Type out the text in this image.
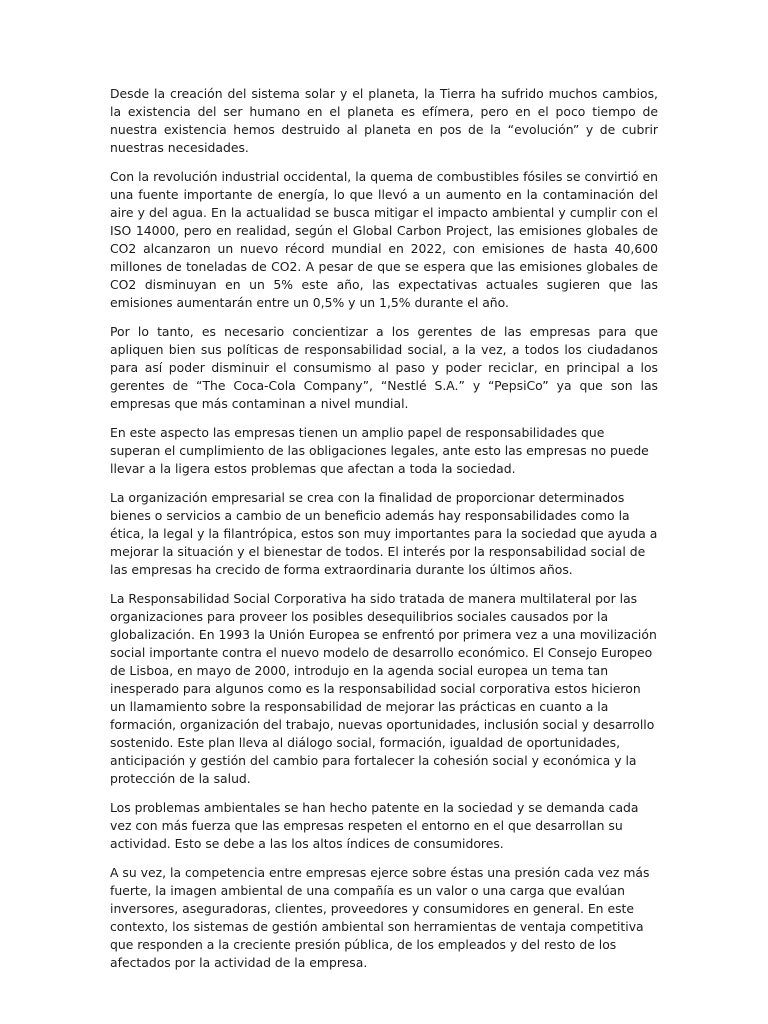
Desde la creación del sistema solar y el planeta, la Tierra ha sufrido muchos cambios, la existencia del ser humano en el planeta es efímera, pero en el poco tiempo de nuestra existencia hemos destruido al planeta en pos de la “evolución” y de cubrir nuestras necesidades.

Con la revolución industrial occidental, la quema de combustibles fósiles se convirtió en una fuente importante de energía, lo que llevó a un aumento en la contaminación del aire y del agua. En la actualidad se busca mitigar el impacto ambiental y cumplir con el ISO 14000, pero en realidad, según el Global Carbon Project, las emisiones globales de CO2 alcanzaron un nuevo récord mundial en 2022, con emisiones de hasta 40,600 millones de toneladas de CO2. A pesar de que se espera que las emisiones globales de CO2 disminuyan en un 5% este año, las expectativas actuales sugieren que las emisiones aumentarán entre un 0,5% y un 1,5% durante el año.

Por lo tanto, es necesario concientizar a los gerentes de las empresas para que apliquen bien sus políticas de responsabilidad social, a la vez, a todos los ciudadanos para así poder disminuir el consumismo al paso y poder reciclar, en principal a los gerentes de “The Coca-Cola Company”, “Nestlé S.A.” y “PepsiCo” ya que son las empresas que más contaminan a nivel mundial.

En este aspecto las empresas tienen un amplio papel de responsabilidades que superan el cumplimiento de las obligaciones legales, ante esto las empresas no puede llevar a la ligera estos problemas que afectan a toda la sociedad.

La organización empresarial se crea con la finalidad de proporcionar determinados bienes o servicios a cambio de un beneficio además hay responsabilidades como la ética, la legal y la filantrópica, estos son muy importantes para la sociedad que ayuda a mejorar la situación y el bienestar de todos. El interés por la responsabilidad social de las empresas ha crecido de forma extraordinaria durante los últimos años.

La Responsabilidad Social Corporativa ha sido tratada de manera multilateral por las organizaciones para proveer los posibles desequilibrios sociales causados por la globalización. En 1993 la Unión Europea se enfrentó por primera vez a una movilización social importante contra el nuevo modelo de desarrollo económico. El Consejo Europeo de Lisboa, en mayo de 2000, introdujo en la agenda social europea un tema tan inesperado para algunos como es la responsabilidad social corporativa estos hicieron un llamamiento sobre la responsabilidad de mejorar las prácticas en cuanto a la formación, organización del trabajo, nuevas oportunidades, inclusión social y desarrollo sostenido. Este plan lleva al diálogo social, formación, igualdad de oportunidades, anticipación y gestión del cambio para fortalecer la cohesión social y económica y la protección de la salud.

Los problemas ambientales se han hecho patente en la sociedad y se demanda cada vez con más fuerza que las empresas respeten el entorno en el que desarrollan su actividad. Esto se debe a las los altos índices de consumidores.

A su vez, la competencia entre empresas ejerce sobre éstas una presión cada vez más fuerte, la imagen ambiental de una compañía es un valor o una carga que evalúan inversores, aseguradoras, clientes, proveedores y consumidores en general. En este contexto, los sistemas de gestión ambiental son herramientas de ventaja competitiva que responden a la creciente presión pública, de los empleados y del resto de los afectados por la actividad de la empresa.
